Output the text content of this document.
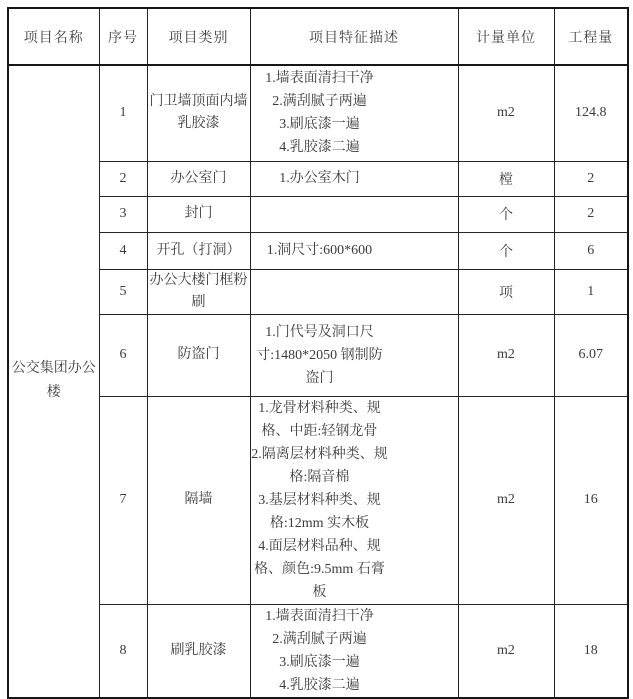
项目名称	序号	项目类别	项目特征描述	计量单位	工程量
公交集团办公楼	1	门卫墙顶面内墙乳胶漆	1.墙表面清扫干净
2.满刮腻子两遍
3.刷底漆一遍
4.乳胶漆二遍	m2	124.8
	2	办公室门	1.办公室木门	樘	2
	3	封门		个	2
	4	开孔（打洞）	1.洞尺寸:600*600	个	6
	5	办公大楼门框粉刷		项	1
	6	防盗门	1.门代号及洞口尺寸:1480*2050 钢制防盗门	m2	6.07
	7	隔墙	1.龙骨材料种类、规格、中距:轻钢龙骨
2.隔离层材料种类、规格:隔音棉
3.基层材料种类、规格:12mm 实木板
4.面层材料品种、规格、颜色:9.5mm 石膏板	m2	16
	8	刷乳胶漆	1.墙表面清扫干净
2.满刮腻子两遍
3.刷底漆一遍
4.乳胶漆二遍	m2	18
